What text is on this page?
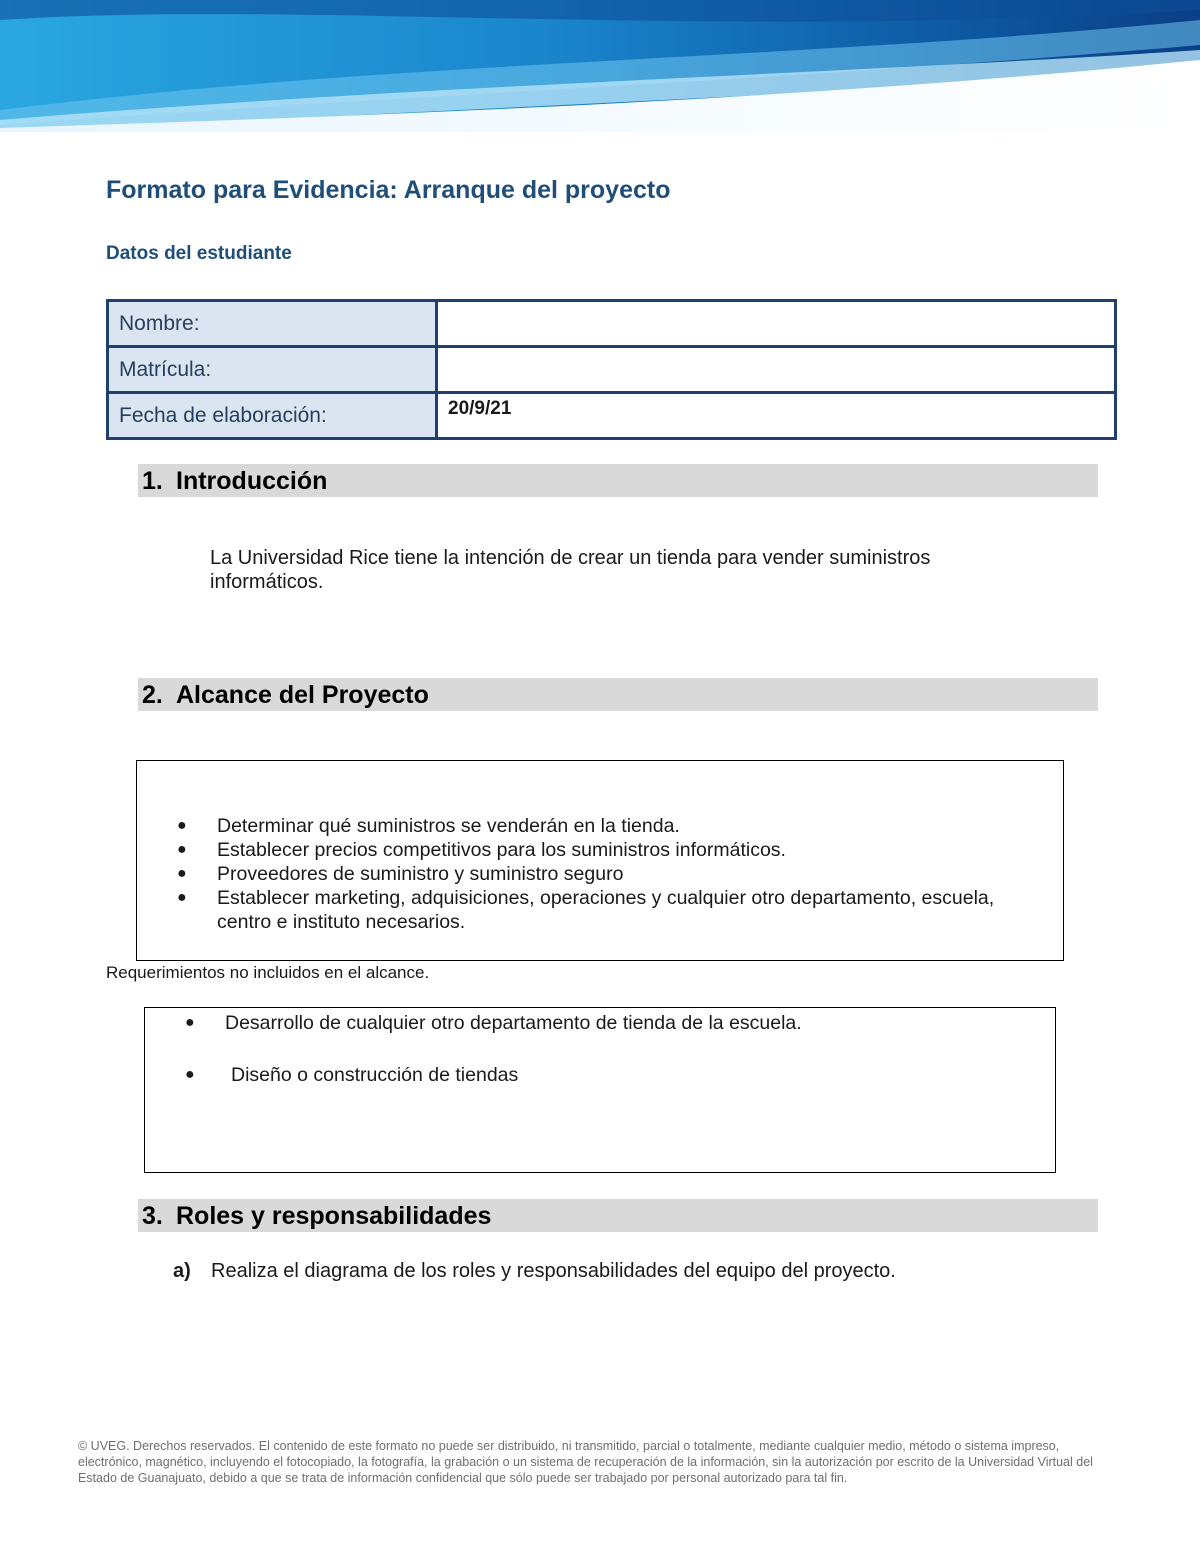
Formato para Evidencia: Arranque del proyecto
Datos del estudiante
Nombre:	
Matrícula:	
Fecha de elaboración:	20/9/21
1. Introducción
La Universidad Rice tiene la intención de crear un tienda para vender suministros informáticos.
2. Alcance del Proyecto
● Determinar qué suministros se venderán en la tienda.
● Establecer precios competitivos para los suministros informáticos.
● Proveedores de suministro y suministro seguro
● Establecer marketing, adquisiciones, operaciones y cualquier otro departamento, escuela, centro e instituto necesarios.
Requerimientos no incluidos en el alcance.
● Desarrollo de cualquier otro departamento de tienda de la escuela.
● Diseño o construcción de tiendas
3. Roles y responsabilidades
a) Realiza el diagrama de los roles y responsabilidades del equipo del proyecto.
© UVEG. Derechos reservados. El contenido de este formato no puede ser distribuido, ni transmitido, parcial o totalmente, mediante cualquier medio, método o sistema impreso, electrónico, magnético, incluyendo el fotocopiado, la fotografía, la grabación o un sistema de recuperación de la información, sin la autorización por escrito de la Universidad Virtual del Estado de Guanajuato, debido a que se trata de información confidencial que sólo puede ser trabajado por personal autorizado para tal fin.
